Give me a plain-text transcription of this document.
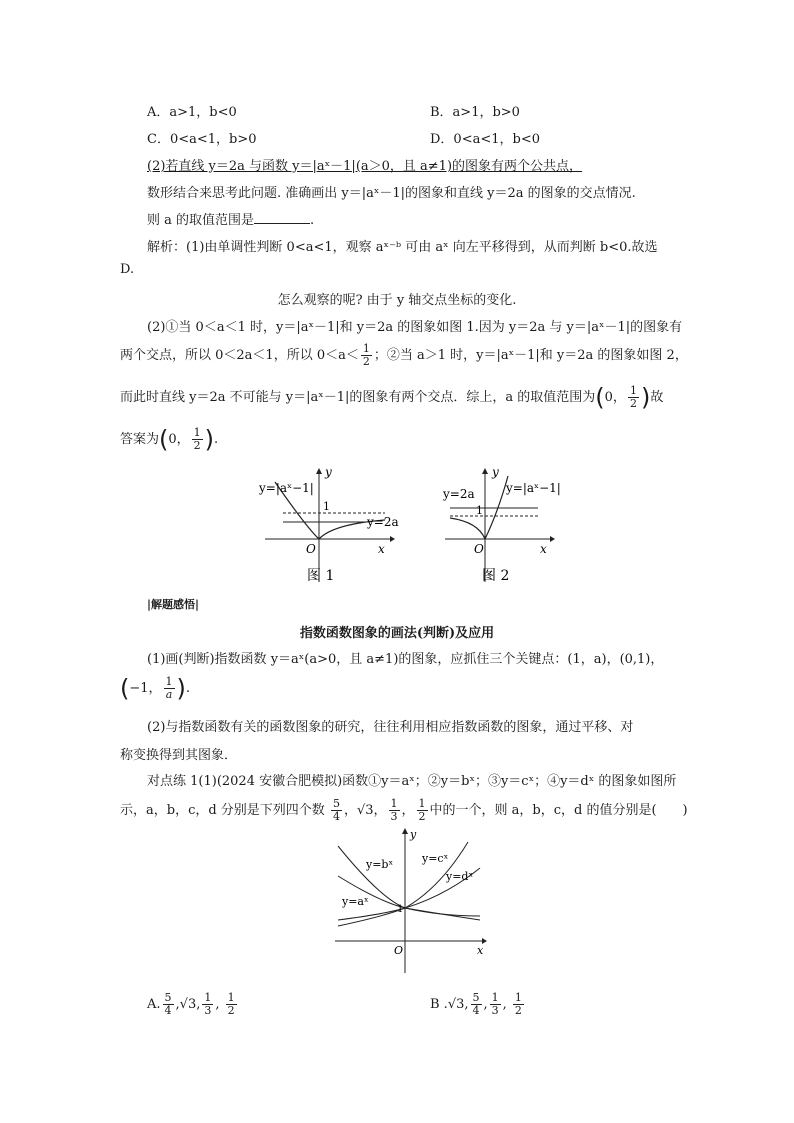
A．a>1，b<0	B．a>1，b>0
C．0<a<1，b>0	D．0<a<1，b<0
(2)若直线 y＝2a 与函数 y＝|aˣ－1|(a＞0，且 a≠1)的图象有两个公共点，
数形结合来思考此问题. 准确画出 y＝|aˣ－1|的图象和直线 y＝2a 的图象的交点情况.
则 a 的取值范围是	.
解析：(1)由单调性判断 0<a<1，观察 aˣ⁻ᵇ 可由 aˣ 向左平移得到，从而判断 b<0.故选
D.
怎么观察的呢? 由于 y 轴交点坐标的变化.
(2)①当 0＜a＜1 时，y＝|aˣ－1|和 y＝2a 的图象如图 1.因为 y＝2a 与 y＝|aˣ－1|的图象有
两个交点，所以 0＜2a＜1，所以 $0<a< \frac{1}{2}$ ；②当 a＞1 时，y＝|aˣ－1|和 y＝2a 的图象如图 2，
而此时直线 y＝2a 不可能与 y＝|aˣ－1|的图象有两个交点．综上，a 的取值范围为(0， $\frac{1}{2}$ )故
答案为(0， $\frac{1}{2}$ ).
y=|aˣ−1|
y
1
y=2a
O	x
图 1
y=2a	y=|aˣ−1|
y
1
O	x
图 2
|解题感悟|
指数函数图象的画法(判断)及应用
(1)画(判断)指数函数 y＝aˣ(a>0，且 a≠1)的图象，应抓住三个关键点：(1，a)，(0,1)，
(−1， $\frac{1}{a}$ ).
(2)与指数函数有关的函数图象的研究，往往利用相应指数函数的图象，通过平移、对
称变换得到其图象．
对点练 1(1)(2024 安徽合肥模拟)函数①y＝aˣ；②y＝bˣ；③y＝cˣ；④y＝dˣ 的图象如图所
示，a，b，c，d 分别是下列四个数 $\frac{5}{4}$ ，√3， $\frac{1}{3}$ ， $\frac{1}{2}$ 中的一个，则 a，b，c，d 的值分别是(　　)
y=bˣ	y=cˣ
y=dˣ
y=aˣ
1
O	x
y
A. $\frac{5}{4} ,√3$, $\frac{1}{3}$ , $\frac{1}{2}$	B .√3, $\frac{5}{4}$ , $\frac{1}{3}$ , $\frac{1}{2}$
